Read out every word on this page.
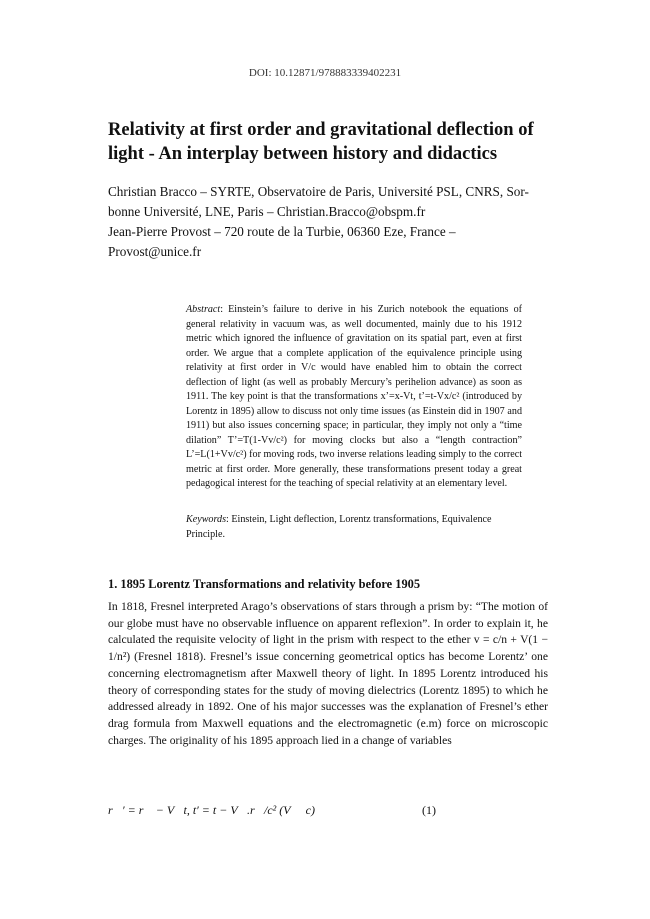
DOI: 10.12871/978883339402231
Relativity at first order and gravitational deflection of light - An interplay between history and didactics
Christian Bracco – SYRTE, Observatoire de Paris, Université PSL, CNRS, Sor-
bonne Université, LNE, Paris – Christian.Bracco@obspm.fr
Jean-Pierre Provost – 720 route de la Turbie, 06360 Eze, France –
Provost@unice.fr
Abstract: Einstein’s failure to derive in his Zurich notebook the equations of general relativity in vacuum was, as well documented, mainly due to his 1912 metric which ignored the influence of gravitation on its spatial part, even at first order. We argue that a complete application of the equivalence principle using relativity at first order in V/c would have enabled him to obtain the correct deflection of light (as well as probably Mercury’s perihelion advance) as soon as 1911. The key point is that the transformations x’=x-Vt, t’=t-Vx/c² (introduced by Lorentz in 1895) allow to discuss not only time issues (as Einstein did in 1907 and 1911) but also issues concerning space; in particular, they imply not only a “time dilation” T’=T(1-Vv/c²) for moving clocks but also a “length contraction” L’=L(1+Vv/c²) for moving rods, two inverse relations leading simply to the correct metric at first order. More generally, these transformations present today a great pedagogical interest for the teaching of special relativity at an elementary level.
Keywords: Einstein, Light deflection, Lorentz transformations, Equivalence Principle.
1. 1895 Lorentz Transformations and relativity before 1905
In 1818, Fresnel interpreted Arago’s observations of stars through a prism by: “The motion of our globe must have no observable influence on apparent reflexion”. In order to explain it, he calculated the requisite velocity of light in the prism with respect to the ether v = c/n + V(1 − 1/n²) (Fresnel 1818). Fresnel’s issue concerning geometrical optics has become Lorentz’ one concerning electromagnetism after Maxwell theory of light. In 1895 Lorentz introduced his theory of corresponding states for the study of moving dielectrics (Lorentz 1895) to which he addressed already in 1892. One of his major successes was the explanation of Fresnel’s ether drag formula from Maxwell equations and the electromagnetic (e.m) force on microscopic charges. The originality of his 1895 approach lied in a change of variables
r⃗′ = r⃗ − V⃗t, t′ = t − V⃗.r⃗/c² (V ≪ c)	(1)
